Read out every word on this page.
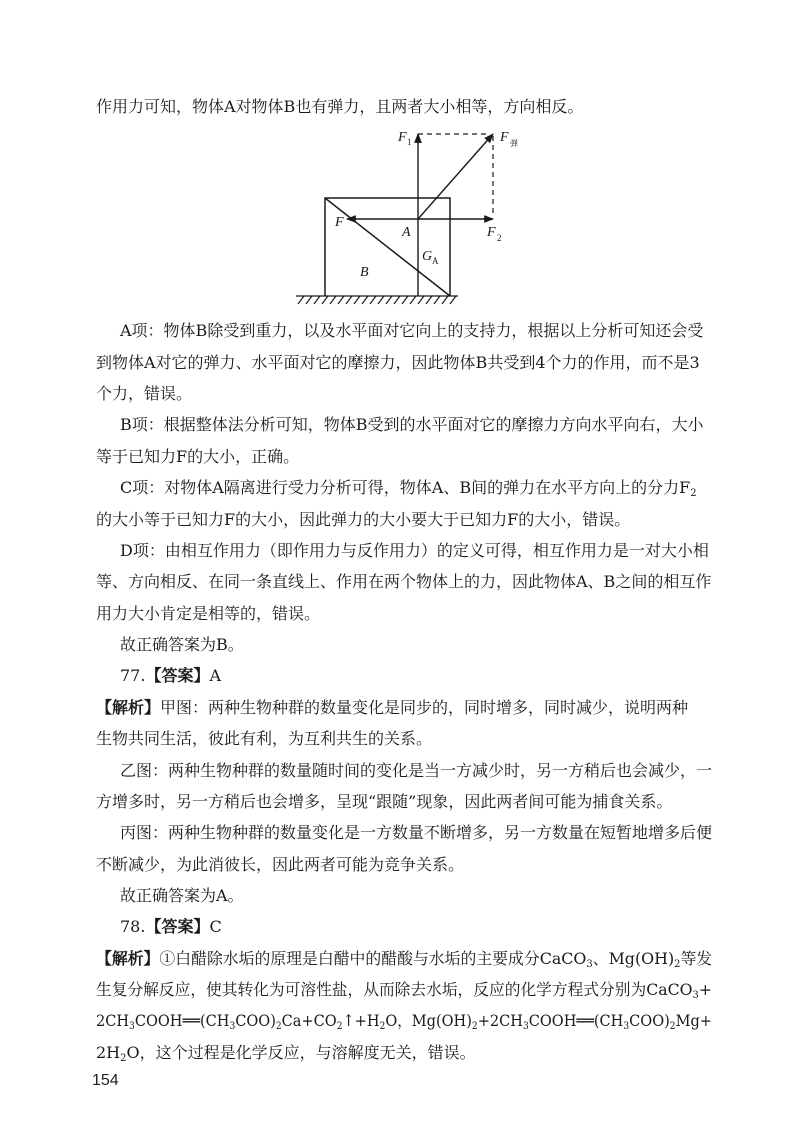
作用力可知，物体A对物体B也有弹力，且两者大小相等，方向相反。
F 1	F 弹
F
A	F 2
G A
B
A项：物体B除受到重力，以及水平面对它向上的支持力，根据以上分析可知还会受
到物体A对它的弹力、水平面对它的摩擦力，因此物体B共受到4个力的作用，而不是3
个力，错误。
B项：根据整体法分析可知，物体B受到的水平面对它的摩擦力方向水平向右，大小
等于已知力F的大小，正确。
C项：对物体A隔离进行受力分析可得，物体A、B间的弹力在水平方向上的分力$F_2$
的大小等于已知力F的大小，因此弹力的大小要大于已知力F的大小，错误。
D项：由相互作用力（即作用力与反作用力）的定义可得，相互作用力是一对大小相
等、方向相反、在同一条直线上、作用在两个物体上的力，因此物体A、B之间的相互作
用力大小肯定是相等的，错误。
故正确答案为B。
77.【答案】A
【解析】甲图：两种生物种群的数量变化是同步的，同时增多，同时减少，说明两种
生物共同生活，彼此有利，为互利共生的关系。
乙图：两种生物种群的数量随时间的变化是当一方减少时，另一方稍后也会减少，一
方增多时，另一方稍后也会增多，呈现“跟随”现象，因此两者间可能为捕食关系。
丙图：两种生物种群的数量变化是一方数量不断增多，另一方数量在短暂地增多后便
不断减少，为此消彼长，因此两者可能为竞争关系。
故正确答案为A。
78.【答案】C
【解析】①白醋除水垢的原理是白醋中的醋酸与水垢的主要成分CaCO$_3$、$Mg(OH)_2$等发
生复分解反应，使其转化为可溶性盐，从而除去水垢，反应的化学方程式分别为CaCO$_3$+
$2CH_3COOH══(CH_3COO)_2Ca+CO_2↑+H_2O$，$Mg(OH)_2+2CH_3COOH══(CH_3COO)_2Mg+$
$2H_2O$，这个过程是化学反应，与溶解度无关，错误。
154
